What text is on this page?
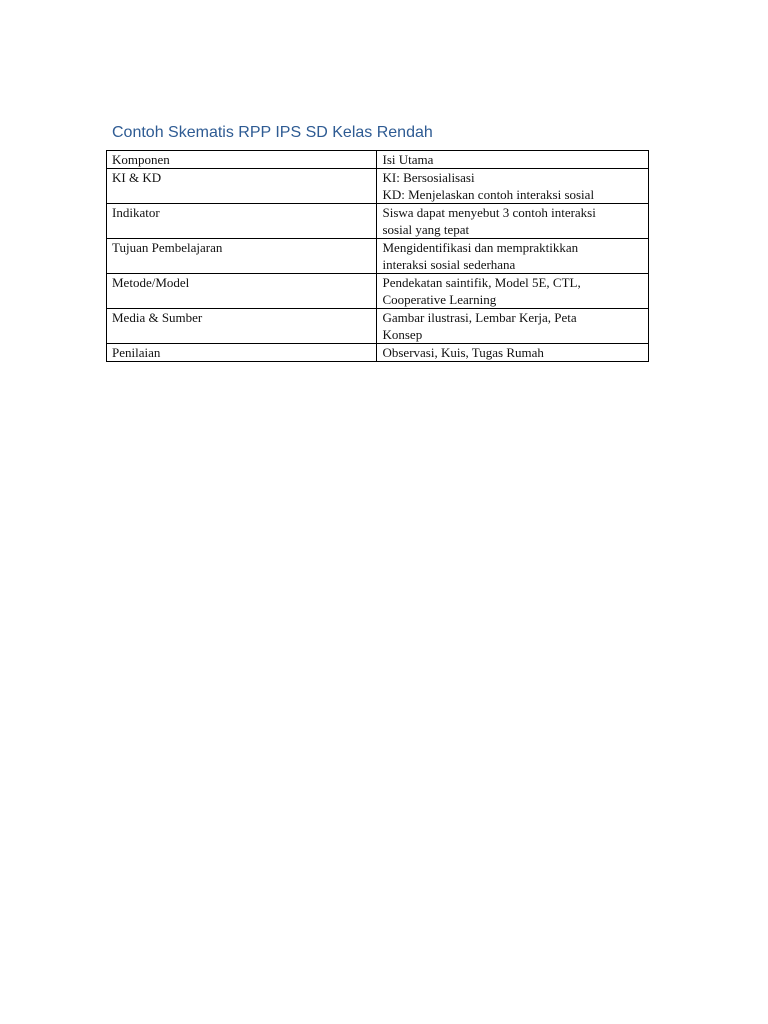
Contoh Skematis RPP IPS SD Kelas Rendah
Komponen	Isi Utama
KI & KD	KI: Bersosialisasi
KD: Menjelaskan contoh interaksi sosial

Indikator	Siswa dapat menyebut 3 contoh interaksi
sosial yang tepat

Tujuan Pembelajaran	Mengidentifikasi dan mempraktikkan
interaksi sosial sederhana

Metode/Model	Pendekatan saintifik, Model 5E, CTL,
Cooperative Learning

Media & Sumber	Gambar ilustrasi, Lembar Kerja, Peta
Konsep

Penilaian	Observasi, Kuis, Tugas Rumah
